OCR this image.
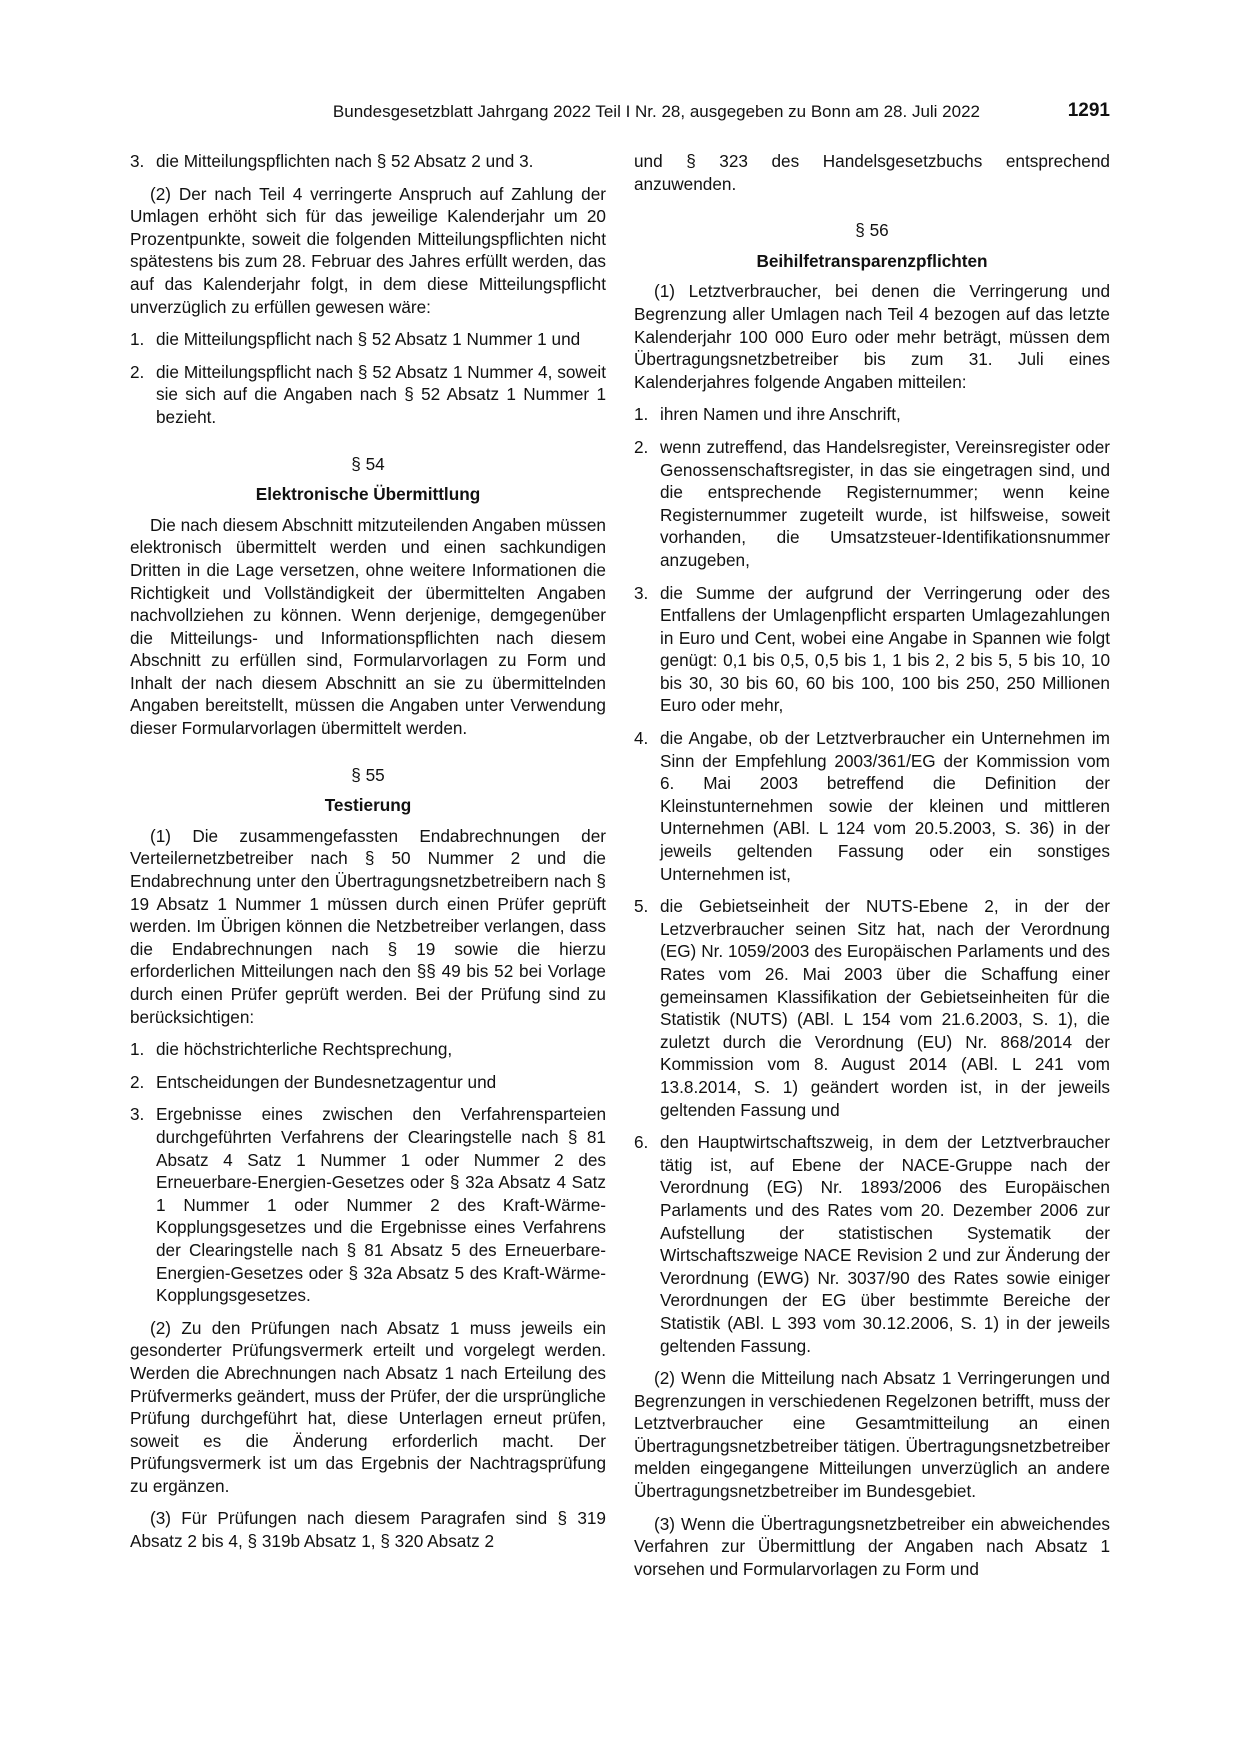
Bundesgesetzblatt Jahrgang 2022 Teil I Nr. 28, ausgegeben zu Bonn am 28. Juli 2022	1291
3. die Mitteilungspflichten nach § 52 Absatz 2 und 3.

(2) Der nach Teil 4 verringerte Anspruch auf Zahlung der Umlagen erhöht sich für das jeweilige Kalenderjahr um 20 Prozentpunkte, soweit die folgenden Mitteilungspflichten nicht spätestens bis zum 28. Februar des Jahres erfüllt werden, das auf das Kalenderjahr folgt, in dem diese Mitteilungspflicht unverzüglich zu erfüllen gewesen wäre:

1. die Mitteilungspflicht nach § 52 Absatz 1 Nummer 1 und
2. die Mitteilungspflicht nach § 52 Absatz 1 Nummer 4, soweit sie sich auf die Angaben nach § 52 Absatz 1 Nummer 1 bezieht.
§ 54
Elektronische Übermittlung

Die nach diesem Abschnitt mitzuteilenden Angaben müssen elektronisch übermittelt werden und einen sachkundigen Dritten in die Lage versetzen, ohne weitere Informationen die Richtigkeit und Vollständigkeit der übermittelten Angaben nachvollziehen zu können. Wenn derjenige, demgegenüber die Mitteilungs- und Informationspflichten nach diesem Abschnitt zu erfüllen sind, Formularvorlagen zu Form und Inhalt der nach diesem Abschnitt an sie zu übermittelnden Angaben bereitstellt, müssen die Angaben unter Verwendung dieser Formularvorlagen übermittelt werden.

§ 55
Testierung

(1) Die zusammengefassten Endabrechnungen der Verteilernetzbetreiber nach § 50 Nummer 2 und die Endabrechnung unter den Übertragungsnetzbetreibern nach § 19 Absatz 1 Nummer 1 müssen durch einen Prüfer geprüft werden. Im Übrigen können die Netzbetreiber verlangen, dass die Endabrechnungen nach § 19 sowie die hierzu erforderlichen Mitteilungen nach den §§ 49 bis 52 bei Vorlage durch einen Prüfer geprüft werden. Bei der Prüfung sind zu berücksichtigen:

1. die höchstrichterliche Rechtsprechung,
2. Entscheidungen der Bundesnetzagentur und
3. Ergebnisse eines zwischen den Verfahrensparteien durchgeführten Verfahrens der Clearingstelle nach § 81 Absatz 4 Satz 1 Nummer 1 oder Nummer 2 des Erneuerbare-Energien-Gesetzes oder § 32a Absatz 4 Satz 1 Nummer 1 oder Nummer 2 des Kraft-Wärme-Kopplungsgesetzes und die Ergebnisse eines Verfahrens der Clearingstelle nach § 81 Absatz 5 des Erneuerbare-Energien-Gesetzes oder § 32a Absatz 5 des Kraft-Wärme-Kopplungsgesetzes.

(2) Zu den Prüfungen nach Absatz 1 muss jeweils ein gesonderter Prüfungsvermerk erteilt und vorgelegt werden. Werden die Abrechnungen nach Absatz 1 nach Erteilung des Prüfvermerks geändert, muss der Prüfer, der die ursprüngliche Prüfung durchgeführt hat, diese Unterlagen erneut prüfen, soweit es die Änderung erforderlich macht. Der Prüfungsvermerk ist um das Ergebnis der Nachtragsprüfung zu ergänzen.

(3) Für Prüfungen nach diesem Paragrafen sind § 319 Absatz 2 bis 4, § 319b Absatz 1, § 320 Absatz 2

und § 323 des Handelsgesetzbuchs entsprechend anzuwenden.

§ 56
Beihilfetransparenzpflichten

(1) Letztverbraucher, bei denen die Verringerung und Begrenzung aller Umlagen nach Teil 4 bezogen auf das letzte Kalenderjahr 100 000 Euro oder mehr beträgt, müssen dem Übertragungsnetzbetreiber bis zum 31. Juli eines Kalenderjahres folgende Angaben mitteilen:

1. ihren Namen und ihre Anschrift,
2. wenn zutreffend, das Handelsregister, Vereinsregister oder Genossenschaftsregister, in das sie eingetragen sind, und die entsprechende Registernummer; wenn keine Registernummer zugeteilt wurde, ist hilfsweise, soweit vorhanden, die Umsatzsteuer-Identifikationsnummer anzugeben,
3. die Summe der aufgrund der Verringerung oder des Entfallens der Umlagenpflicht ersparten Umlagezahlungen in Euro und Cent, wobei eine Angabe in Spannen wie folgt genügt: 0,1 bis 0,5, 0,5 bis 1, 1 bis 2, 2 bis 5, 5 bis 10, 10 bis 30, 30 bis 60, 60 bis 100, 100 bis 250, 250 Millionen Euro oder mehr,
4. die Angabe, ob der Letztverbraucher ein Unternehmen im Sinn der Empfehlung 2003/361/EG der Kommission vom 6. Mai 2003 betreffend die Definition der Kleinstunternehmen sowie der kleinen und mittleren Unternehmen (ABl. L 124 vom 20.5.2003, S. 36) in der jeweils geltenden Fassung oder ein sonstiges Unternehmen ist,
5. die Gebietseinheit der NUTS-Ebene 2, in der der Letzverbraucher seinen Sitz hat, nach der Verordnung (EG) Nr. 1059/2003 des Europäischen Parlaments und des Rates vom 26. Mai 2003 über die Schaffung einer gemeinsamen Klassifikation der Gebietseinheiten für die Statistik (NUTS) (ABl. L 154 vom 21.6.2003, S. 1), die zuletzt durch die Verordnung (EU) Nr. 868/2014 der Kommission vom 8. August 2014 (ABl. L 241 vom 13.8.2014, S. 1) geändert worden ist, in der jeweils geltenden Fassung und
6. den Hauptwirtschaftszweig, in dem der Letztverbraucher tätig ist, auf Ebene der NACE-Gruppe nach der Verordnung (EG) Nr. 1893/2006 des Europäischen Parlaments und des Rates vom 20. Dezember 2006 zur Aufstellung der statistischen Systematik der Wirtschaftszweige NACE Revision 2 und zur Änderung der Verordnung (EWG) Nr. 3037/90 des Rates sowie einiger Verordnungen der EG über bestimmte Bereiche der Statistik (ABl. L 393 vom 30.12.2006, S. 1) in der jeweils geltenden Fassung.

(2) Wenn die Mitteilung nach Absatz 1 Verringerungen und Begrenzungen in verschiedenen Regelzonen betrifft, muss der Letztverbraucher eine Gesamtmitteilung an einen Übertragungsnetzbetreiber tätigen. Übertragungsnetzbetreiber melden eingegangene Mitteilungen unverzüglich an andere Übertragungsnetzbetreiber im Bundesgebiet.

(3) Wenn die Übertragungsnetzbetreiber ein abweichendes Verfahren zur Übermittlung der Angaben nach Absatz 1 vorsehen und Formularvorlagen zu Form und
